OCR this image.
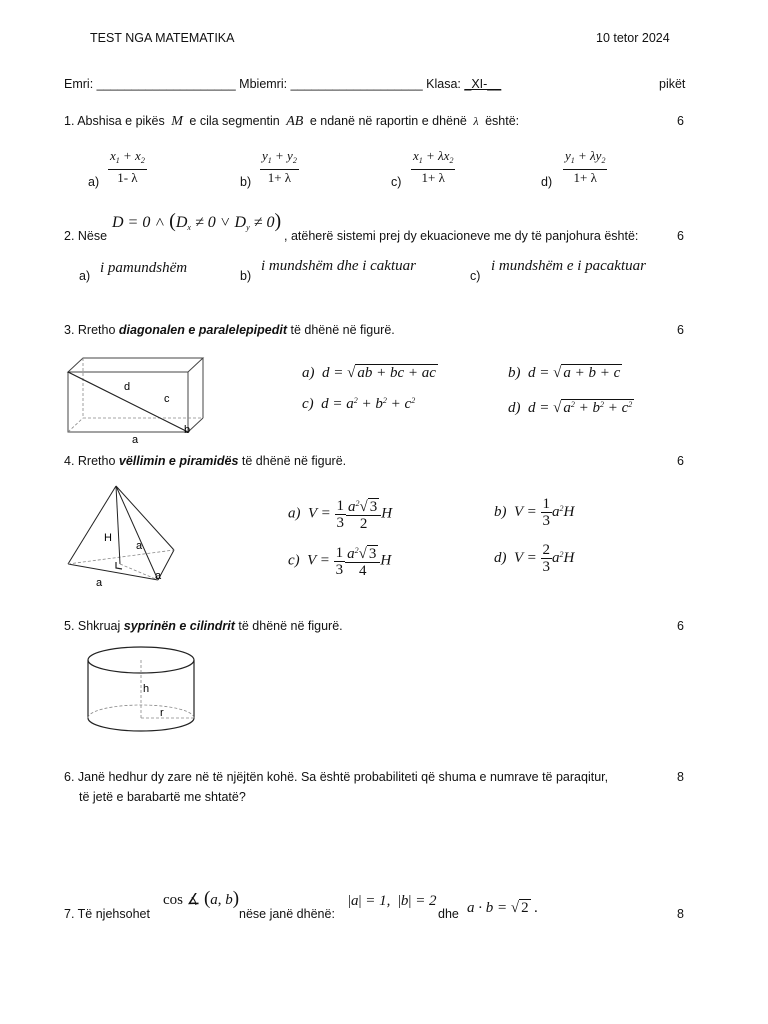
TEST NGA MATEMATIKA	10 tetor 2024
Emri: ____________________ Mbiemri: ___________________ Klasa: _XI-__	pikët
1. Abshisa e pikës M e cila segmentin AB e ndanë në raportin e dhënë λ është:	6
$a) \frac{x_1 + x_2}{1- \lambda}$	$b) \frac{y_1 + y_2}{1+ \lambda}$	$c) \frac{x_1 + \lambda x_2}{1+ \lambda}$	$d) \frac{y_1 + \lambda y_2}{1+ \lambda}$
2. Nëse
D = 0 ˄ ($D_x \ne 0$ ˅ $D_y \ne 0$)
, atëherë sistemi prej dy ekuacioneve me dy të panjohura është:	6
a) i pamundshëm	b)
i mundshëm dhe i caktuar
c)
i mundshëm e i pacaktuar
3. Rretho diagonalen e paralelepipedit të dhënë në figurë.	6
d
c
a
b
a)  d = √ ab + bc + ac
c)  $d = a^2 + b^2 + c^2$
b)  d = √ a + b + c
d)  d = √ $a^2 + b^2 + c^2$
4. Rretho vëllimin e piramidës të dhënë në figurë.	6
H
a
a
a
a)  $V = \frac{1}{3} \frac{a^2√ 3}{2}$ H
c)  $V = \frac{1}{3} \frac{a^2√ 3}{4}$ H
b)  $V = \frac{1}{3} a^2H$
d)  $V = \frac{2}{3} a^2H$
5. Shkruaj syprinën e cilindrit të dhënë në figurë.	6
h
r
6. Janë hedhur dy zare në të njëjtën kohë. Sa është probabiliteti që shuma e numrave të paraqitur,
të jetë e barabartë me shtatë?
8
7. Të njehsohet
cos ∡ (a, b)
nëse janë dhënë:
|a| = 1,  |b| = 2
dhe a · b = √ 2 .	8
